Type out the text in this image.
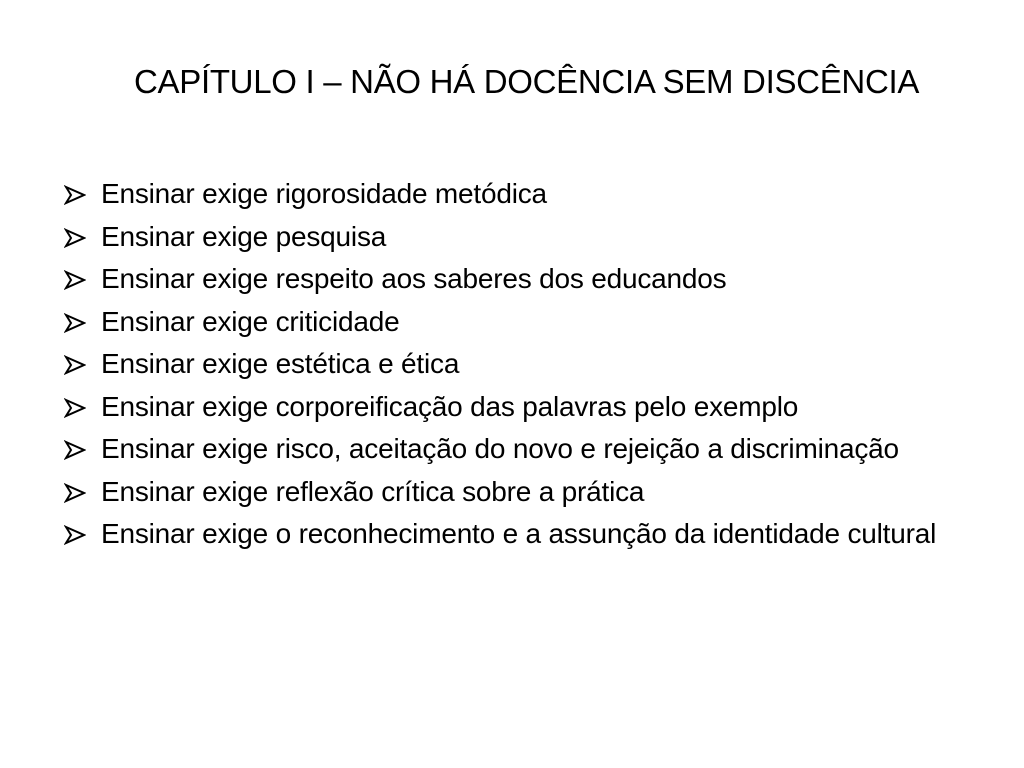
CAPÍTULO I – NÃO HÁ DOCÊNCIA SEM DISCÊNCIA
Ensinar exige rigorosidade metódica
Ensinar exige pesquisa
Ensinar exige respeito aos saberes dos educandos
Ensinar exige criticidade
Ensinar exige estética e ética
Ensinar exige corporeificação das palavras pelo exemplo
Ensinar exige risco, aceitação do novo e rejeição a discriminação
Ensinar exige reflexão crítica sobre a prática
Ensinar exige o reconhecimento e a assunção da identidade cultural
